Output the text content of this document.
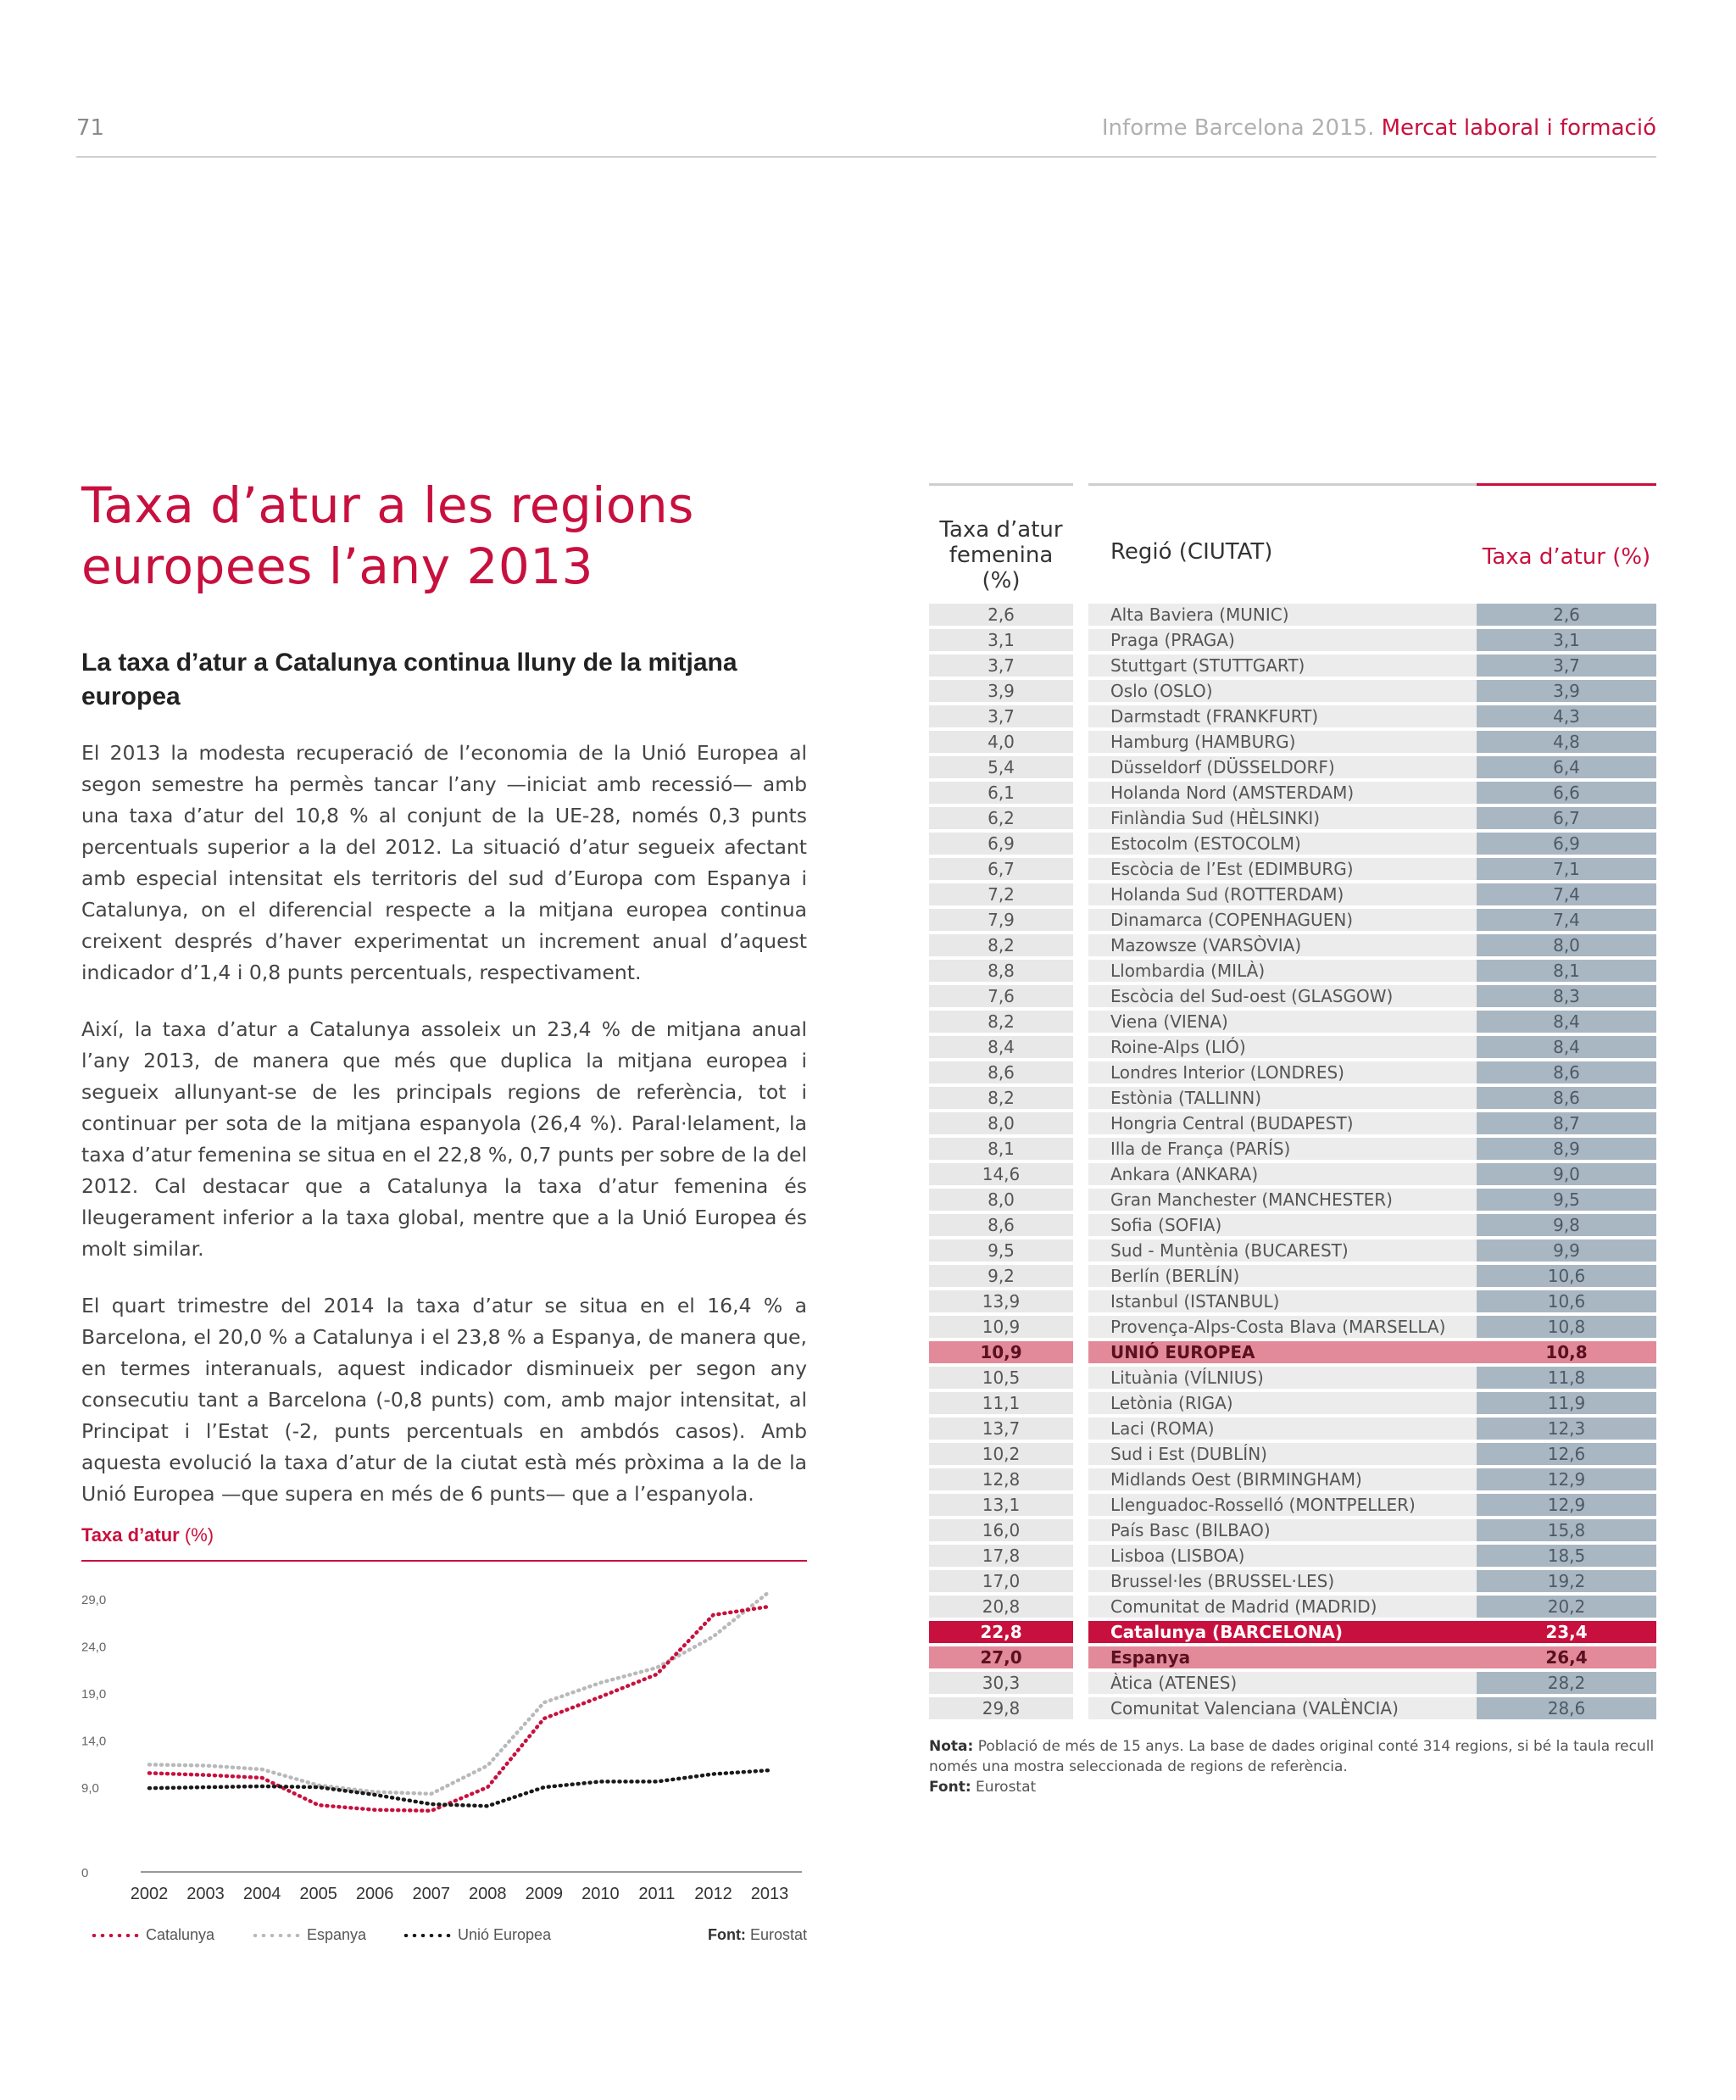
71	Informe Barcelona 2015. Mercat laboral i formació
Taxa d’atur a les regions
europees l’any 2013
La taxa d’atur a Catalunya continua lluny de la mitjana europea

El 2013 la modesta recuperació de l’economia de la Unió Europea al segon semestre ha permès tancar l’any —iniciat amb recessió— amb una taxa d’atur del 10,8 % al conjunt de la UE-28, només 0,3 punts percentuals superior a la del 2012. La situació d’atur segueix afectant amb especial intensitat els territoris del sud d’Europa com Espanya i Catalunya, on el diferencial respecte a la mitjana europea continua creixent després d’haver experimentat un increment anual d’aquest indicador d’1,4 i 0,8 punts percentuals, respectivament.

Així, la taxa d’atur a Catalunya assoleix un 23,4 % de mitjana anual l’any 2013, de manera que més que duplica la mitjana europea i segueix allunyant-se de les principals regions de referència, tot i continuar per sota de la mitjana espanyola (26,4 %). Paral·lelament, la taxa d’atur femenina se situa en el 22,8 %, 0,7 punts per sobre de la del 2012. Cal destacar que a Catalunya la taxa d’atur femenina és lleugerament inferior a la taxa global, mentre que a la Unió Europea és molt similar.

El quart trimestre del 2014 la taxa d’atur se situa en el 16,4 % a Barcelona, el 20,0 % a Catalunya i el 23,8 % a Espanya, de manera que, en termes interanuals, aquest indicador disminueix per segon any consecutiu tant a Barcelona (-0,8 punts) com, amb major intensitat, al Principat i l’Estat (-2, punts percentuals en ambdós casos). Amb aquesta evolució la taxa d’atur de la ciutat està més pròxima a la de la Unió Europea —que supera en més de 6 punts— que a l’espanyola.

Taxa d’atur (%)
0
9,0
14,0
19,0
24,0
29,0
2002 2003 2004 2005 2006 2007 2008 2009 2010 2011 2012 2013
Catalunya	Espanya	Unió Europea	Font: Eurostat
Taxa d’atur
femenina (%)
Regió (CIUTAT)	Taxa d’atur (%)
2,6	Alta Baviera (MUNIC)	2,6
3,1	Praga (PRAGA)	3,1
3,7	Stuttgart (STUTTGART)	3,7
3,9	Oslo (OSLO)	3,9
3,7	Darmstadt (FRANKFURT)	4,3
4,0	Hamburg (HAMBURG)	4,8
5,4	Düsseldorf (DÜSSELDORF)	6,4
6,1	Holanda Nord (AMSTERDAM)	6,6
6,2	Finlàndia Sud (HÈLSINKI)	6,7
6,9	Estocolm (ESTOCOLM)	6,9
6,7	Escòcia de l’Est (EDIMBURG)	7,1
7,2	Holanda Sud (ROTTERDAM)	7,4
7,9	Dinamarca (COPENHAGUEN)	7,4
8,2	Mazowsze (VARSÒVIA)	8,0
8,8	Llombardia (MILÀ)	8,1
7,6	Escòcia del Sud-oest (GLASGOW)	8,3
8,2	Viena (VIENA)	8,4
8,4	Roine-Alps (LIÓ)	8,4
8,6	Londres Interior (LONDRES)	8,6
8,2	Estònia (TALLINN)	8,6
8,0	Hongria Central (BUDAPEST)	8,7
8,1	Illa de França (PARÍS)	8,9
14,6	Ankara (ANKARA)	9,0
8,0	Gran Manchester (MANCHESTER)	9,5
8,6	Sofia (SOFIA)	9,8
9,5	Sud - Muntènia (BUCAREST)	9,9
9,2	Berlín (BERLÍN)	10,6
13,9	Istanbul (ISTANBUL)	10,6
10,9	Provença-Alps-Costa Blava (MARSELLA)	10,8
10,9	UNIÓ EUROPEA	10,8
10,5	Lituània (VÍLNIUS)	11,8
11,1	Letònia (RIGA)	11,9
13,7	Laci (ROMA)	12,3
10,2	Sud i Est (DUBLÍN)	12,6
12,8	Midlands Oest (BIRMINGHAM)	12,9
13,1	Llenguadoc-Rosselló (MONTPELLER)	12,9
16,0	País Basc (BILBAO)	15,8
17,8	Lisboa (LISBOA)	18,5
17,0	Brussel·les (BRUSSEL·LES)	19,2
20,8	Comunitat de Madrid (MADRID)	20,2
22,8	Catalunya (BARCELONA)	23,4
27,0	Espanya	26,4
30,3	Àtica (ATENES)	28,2
29,8	Comunitat Valenciana (VALÈNCIA)	28,6
Nota: Població de més de 15 anys. La base de dades original conté 314 regions, si bé la taula recull només una mostra seleccionada de regions de referència.
Font: Eurostat
